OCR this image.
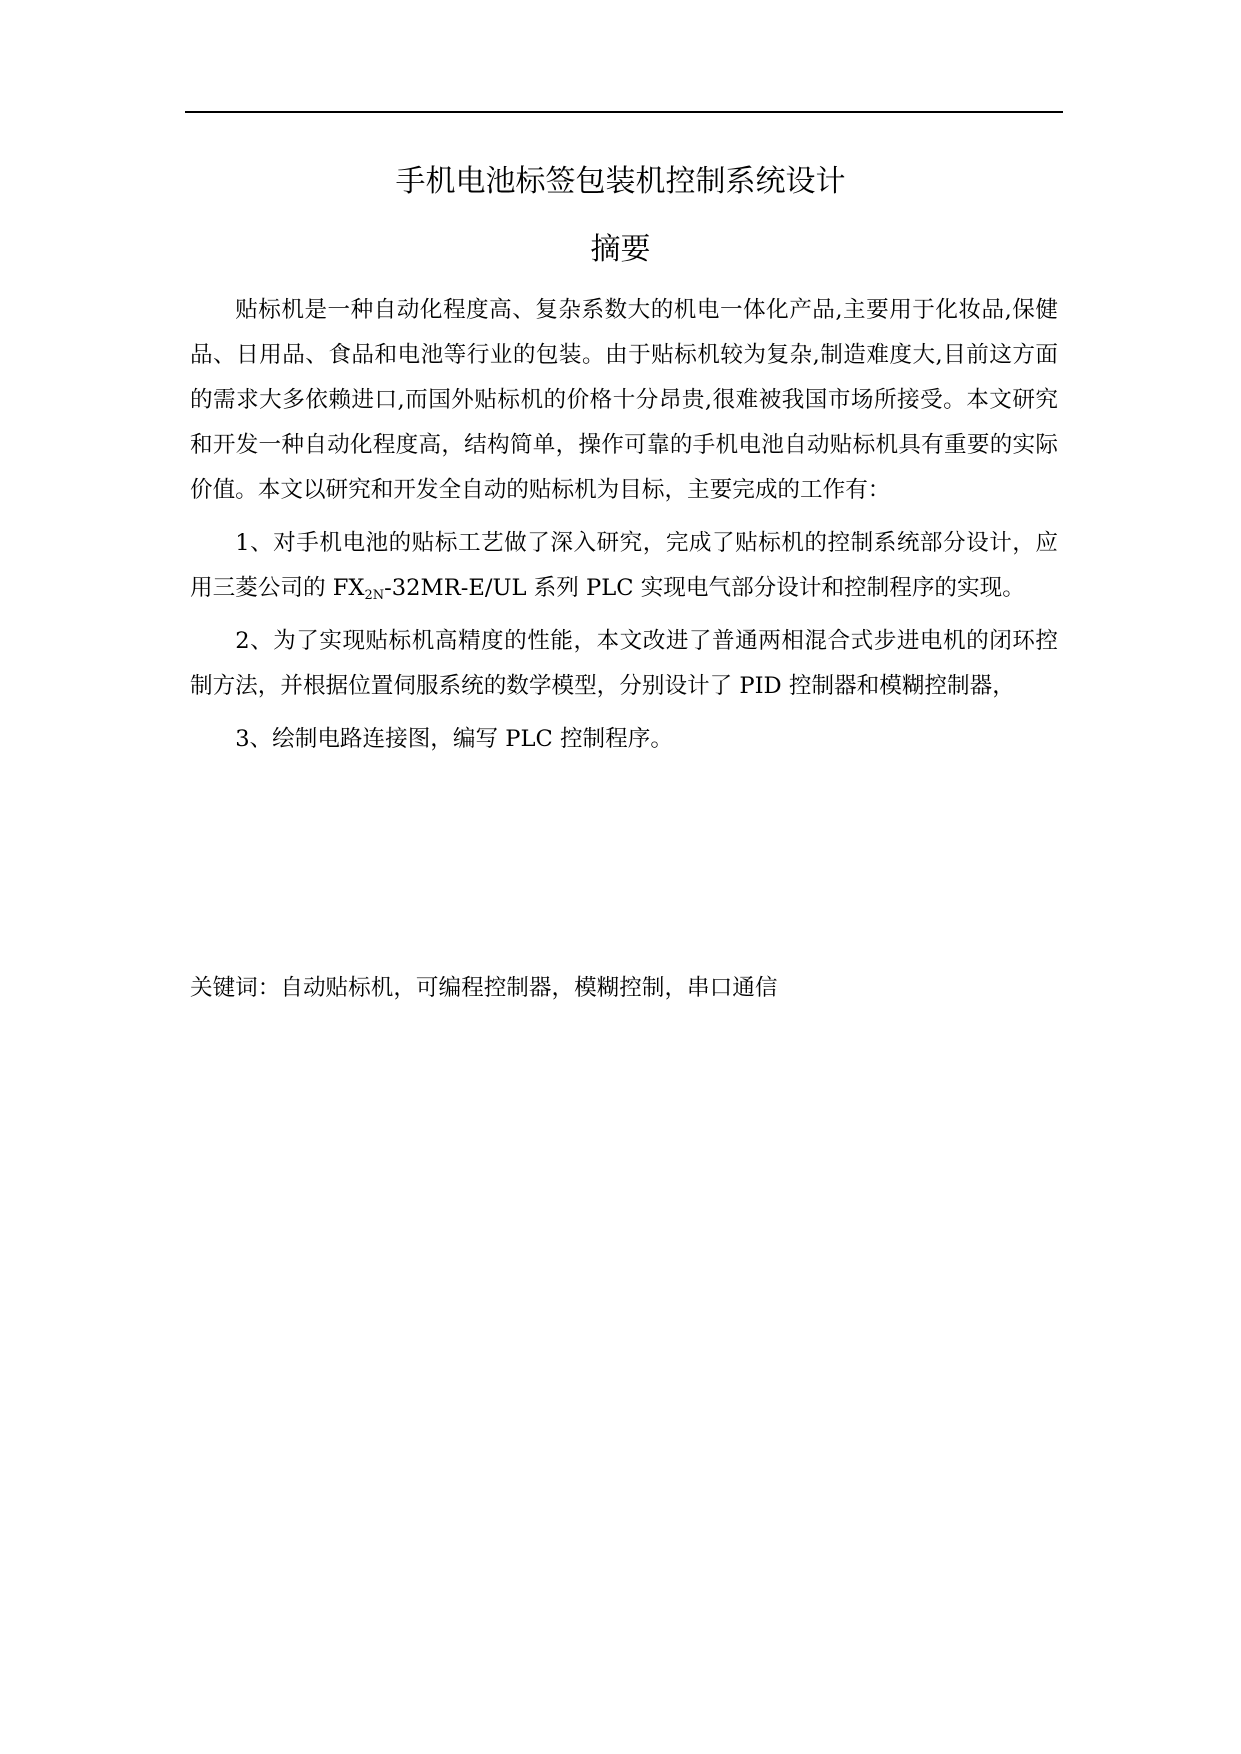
手机电池标签包装机控制系统设计
摘要

贴标机是一种自动化程度高、复杂系数大的机电一体化产品,主要用于化妆品,保健品、日用品、食品和电池等行业的包装。由于贴标机较为复杂,制造难度大,目前这方面的需求大多依赖进口,而国外贴标机的价格十分昂贵,很难被我国市场所接受。本文研究和开发一种自动化程度高，结构简单，操作可靠的手机电池自动贴标机具有重要的实际价值。本文以研究和开发全自动的贴标机为目标，主要完成的工作有：

1、对手机电池的贴标工艺做了深入研究，完成了贴标机的控制系统部分设计，应用三菱公司的 $FX_{2N}-32MR-E/UL$ 系列 PLC 实现电气部分设计和控制程序的实现。

2、为了实现贴标机高精度的性能，本文改进了普通两相混合式步进电机的闭环控制方法，并根据位置伺服系统的数学模型，分别设计了 PID 控制器和模糊控制器，

3、绘制电路连接图，编写 PLC 控制程序。

关键词：自动贴标机，可编程控制器，模糊控制，串口通信
